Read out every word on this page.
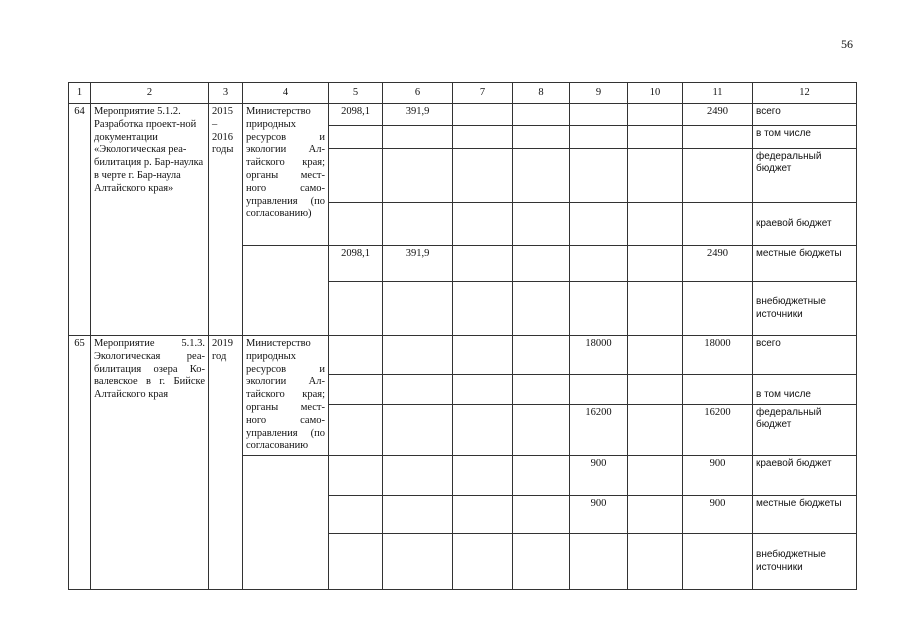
56
1	2	3	4	5	6	7	8	9	10	11	12
64	Мероприятие 5.1.2. Разработка проект-ной документации «Экологическая реа-билитация р. Бар-наулка в черте г. Бар-наула Алтайского края»	2015 – 2016 годы	Министерство природных ресурсов и экологии Ал-тайского края; органы мест-ного само-управления (по согласованию)	2098,1	391,9					2490	всего
											в том числе
											федеральный бюджет
											краевой бюджет
				2098,1	391,9					2490	местные бюджеты
											внебюджетные источники
65	Мероприятие 5.1.3. Экологическая реа-билитация озера Ко-валевское в г. Бийске Алтайского края	2019 год	Министерство природных ресурсов и экологии Ал-тайского края; органы мест-ного само-управления (по согласованию					18000		18000	всего
											в том числе
								16200		16200	федеральный бюджет
								900		900	краевой бюджет
								900		900	местные бюджеты
											внебюджетные источники
